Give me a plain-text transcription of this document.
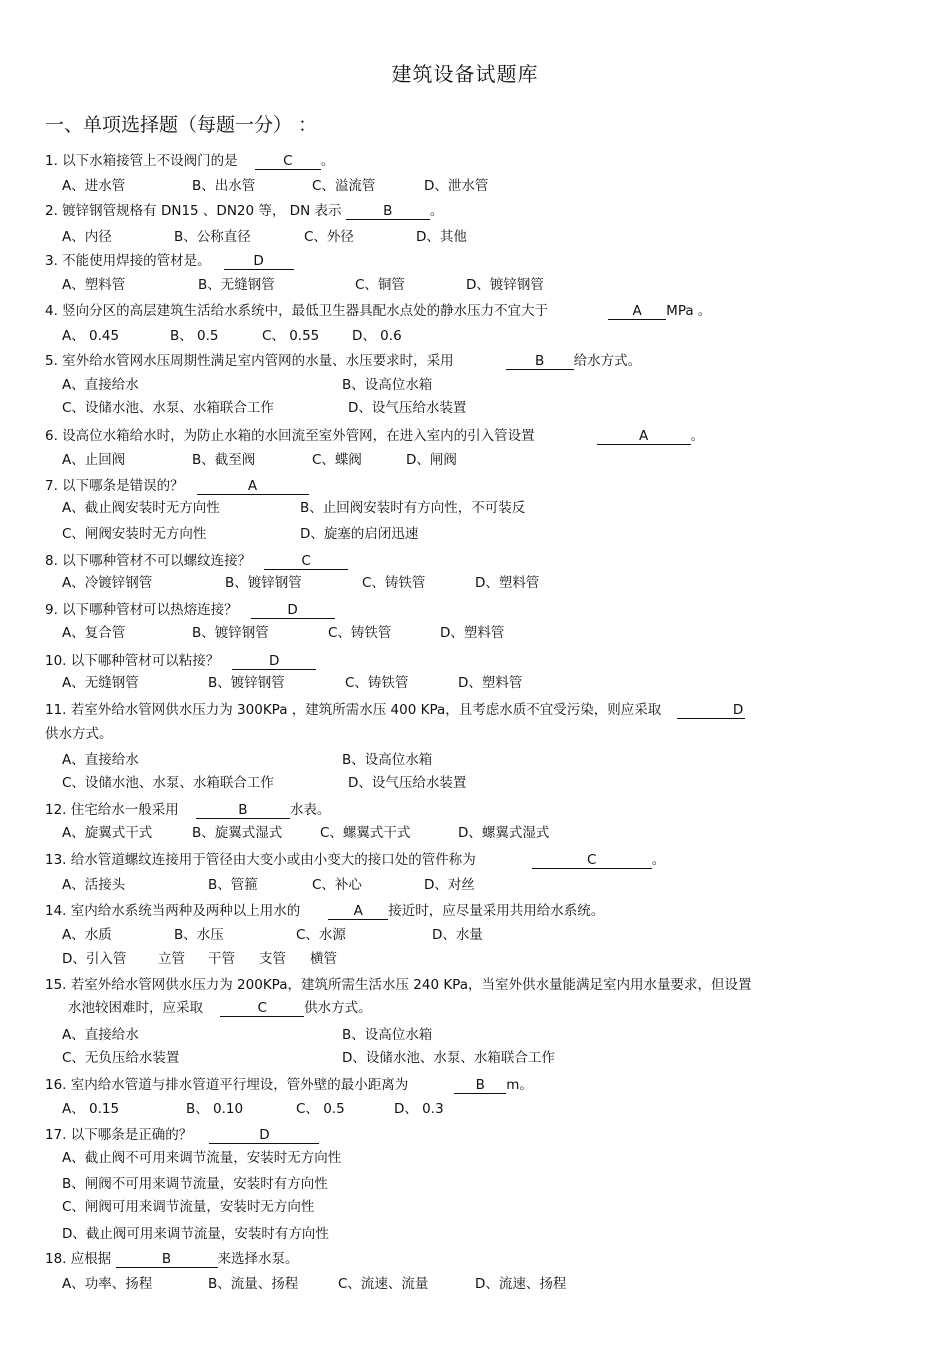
建筑设备试题库
一、单项选择题（每题一分） ：
1. 以下水箱接管上不设阀门的是	C 。
A、进水管	B、出水管	C、溢流管	D、泄水管
2. 镀锌钢管规格有 DN15 、DN20 等， DN 表示	B	。
A、内径	B、公称直径	C、外径	D、其他
3. 不能使用焊接的管材是。	D
A、塑料管	B、无缝钢管	C、铜管	D、镀锌钢管
4. 竖向分区的高层建筑生活给水系统中，最低卫生器具配水点处的静水压力不宜大于	A MPa 。
A、 0.45	B、 0.5	C、 0.55 D、 0.6
5. 室外给水管网水压周期性满足室内管网的水量、水压要求时，采用	B 给水方式。
A、直接给水	B、设高位水箱
C、设储水池、水泵、水箱联合工作	D、设气压给水装置
6. 设高位水箱给水时，为防止水箱的水回流至室外管网，在进入室内的引入管设置	A	。
A、止回阀	B、截至阀	C、蝶阀	D、闸阀
7. 以下哪条是错误的？	A
A、截止阀安装时无方向性	B、止回阀安装时有方向性，不可装反
C、闸阀安装时无方向性	D、旋塞的启闭迅速
8. 以下哪种管材不可以螺纹连接？	C
A、冷镀锌钢管	B、镀锌钢管	C、铸铁管	D、塑料管
9. 以下哪种管材可以热熔连接？	D
A、复合管	B、镀锌钢管	C、铸铁管	D、塑料管
10. 以下哪种管材可以粘接？	D
A、无缝钢管	B、镀锌钢管	C、铸铁管	D、塑料管
11. 若室外给水管网供水压力为 300KPa ，建筑所需水压 400 KPa，且考虑水质不宜受污染，则应采取	D
供水方式。
A、直接给水	B、设高位水箱
C、设储水池、水泵、水箱联合工作	D、设气压给水装置
12. 住宅给水一般采用	B	水表。
A、旋翼式干式	B、旋翼式湿式	C、螺翼式干式	D、螺翼式湿式
13. 给水管道螺纹连接用于管径由大变小或由小变大的接口处的管件称为	C	。
A、活接头	B、管箍	C、补心	D、对丝
14. 室内给水系统当两种及两种以上用水的	A 接近时，应尽量采用共用给水系统。
A、水质	B、水压	C、水源	D、水量
D、引入管 立管 干管 支管 横管
15. 若室外给水管网供水压力为 200KPa，建筑所需生活水压 240 KPa，当室外供水量能满足室内用水量要求，但设置
水池较困难时，应采取	C	供水方式。
A、直接给水	B、设高位水箱
C、无负压给水装置	D、设储水池、水泵、水箱联合工作
16. 室内给水管道与排水管道平行埋设，管外壁的最小距离为	B m。
A、 0.15	B、 0.10	C、 0.5	D、 0.3
17. 以下哪条是正确的？	D
A、截止阀不可用来调节流量，安装时无方向性
B、闸阀不可用来调节流量，安装时有方向性
C、闸阀可用来调节流量，安装时无方向性
D、截止阀可用来调节流量，安装时有方向性
18. 应根据	B	来选择水泵。
A、功率、扬程	B、流量、扬程	C、流速、流量	D、流速、扬程
